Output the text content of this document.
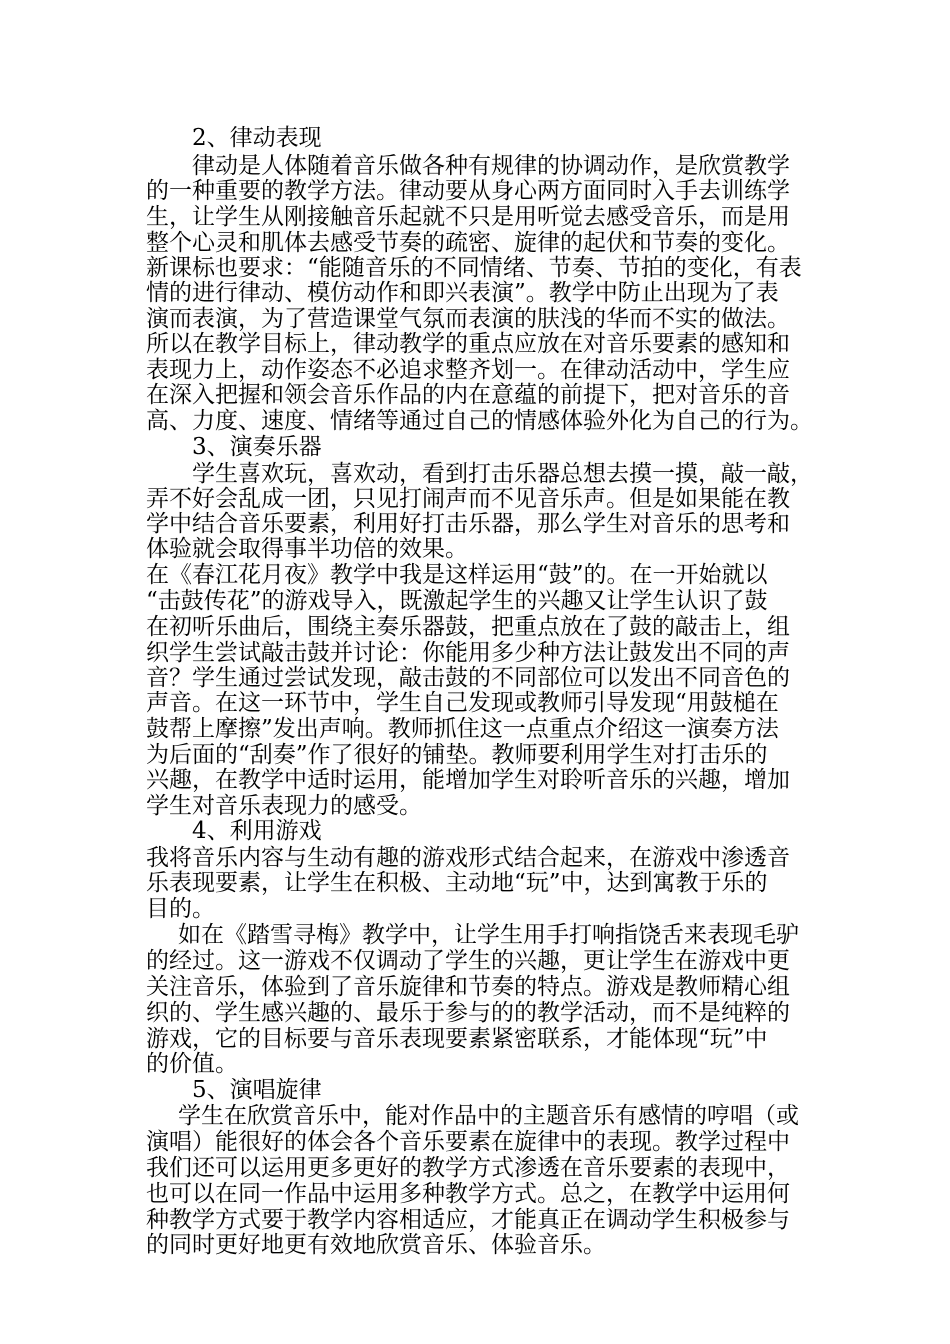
2、律动表现
律动是人体随着音乐做各种有规律的协调动作，是欣赏教学
的一种重要的教学方法。律动要从身心两方面同时入手去训练学
生，让学生从刚接触音乐起就不只是用听觉去感受音乐，而是用
整个心灵和肌体去感受节奏的疏密、旋律的起伏和节奏的变化。
新课标也要求：“能随音乐的不同情绪、节奏、节拍的变化，有表
情的进行律动、模仿动作和即兴表演”。教学中防止出现为了表
演而表演，为了营造课堂气氛而表演的肤浅的华而不实的做法。
所以在教学目标上，律动教学的重点应放在对音乐要素的感知和
表现力上，动作姿态不必追求整齐划一。在律动活动中，学生应
在深入把握和领会音乐作品的内在意蕴的前提下，把对音乐的音
高、力度、速度、情绪等通过自己的情感体验外化为自己的行为。
3、演奏乐器
学生喜欢玩，喜欢动，看到打击乐器总想去摸一摸，敲一敲，
弄不好会乱成一团，只见打闹声而不见音乐声。但是如果能在教
学中结合音乐要素，利用好打击乐器，那么学生对音乐的思考和
体验就会取得事半功倍的效果。
在《春江花月夜》教学中我是这样运用“鼓”的。在一开始就以
“击鼓传花”的游戏导入，既激起学生的兴趣又让学生认识了鼓
在初听乐曲后，围绕主奏乐器鼓，把重点放在了鼓的敲击上，组
织学生尝试敲击鼓并讨论：你能用多少种方法让鼓发出不同的声
音？学生通过尝试发现，敲击鼓的不同部位可以发出不同音色的
声音。在这一环节中，学生自己发现或教师引导发现“用鼓槌在
鼓帮上摩擦”发出声响。教师抓住这一点重点介绍这一演奏方法
为后面的“刮奏”作了很好的铺垫。教师要利用学生对打击乐的
兴趣，在教学中适时运用，能增加学生对聆听音乐的兴趣，增加
学生对音乐表现力的感受。
4、利用游戏
我将音乐内容与生动有趣的游戏形式结合起来，在游戏中渗透音
乐表现要素，让学生在积极、主动地“玩”中，达到寓教于乐的
目的。
如在《踏雪寻梅》教学中，让学生用手打响指饶舌来表现毛驴
的经过。这一游戏不仅调动了学生的兴趣，更让学生在游戏中更
关注音乐，体验到了音乐旋律和节奏的特点。游戏是教师精心组
织的、学生感兴趣的、最乐于参与的的教学活动，而不是纯粹的
游戏，它的目标要与音乐表现要素紧密联系，才能体现“玩”中
的价值。
5、演唱旋律
学生在欣赏音乐中，能对作品中的主题音乐有感情的哼唱（或
演唱）能很好的体会各个音乐要素在旋律中的表现。教学过程中
我们还可以运用更多更好的教学方式渗透在音乐要素的表现中，
也可以在同一作品中运用多种教学方式。总之，在教学中运用何
种教学方式要于教学内容相适应，才能真正在调动学生积极参与
的同时更好地更有效地欣赏音乐、体验音乐。
